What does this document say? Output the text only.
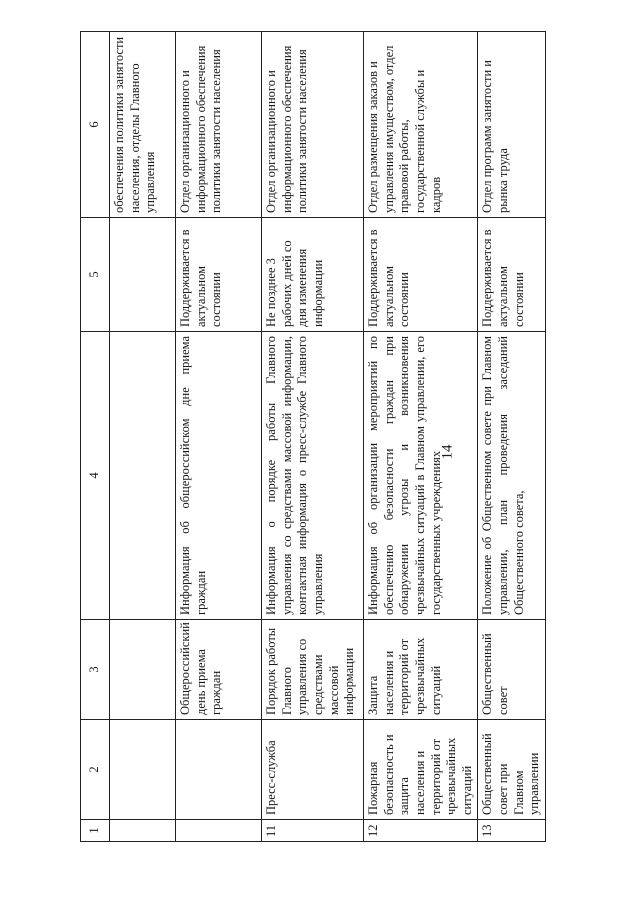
14
1	2	3	4	5	6
					обеспечения политики занятости населения, отделы Главного управления
		Общероссийский день приема граждан	Информация об общероссийском дне приема граждан	Поддерживается в актуальном состоянии	Отдел организационного и информационного обеспечения политики занятости населения
11	Пресс-служба	Порядок работы Главного управления со средствами массовой информации	Информация о порядке работы Главного управления со средствами массовой информации, контактная информация о пресс-службе Главного управления	Не позднее 3 рабочих дней со дня изменения информации	Отдел организационного и информационного обеспечения политики занятости населения
12	Пожарная безопасность и защита населения и территорий от чрезвычайных ситуаций	Защита населения и территорий от чрезвычайных ситуаций	Информация об организации мероприятий по обеспечению безопасности граждан при обнаружении угрозы и возникновения чрезвычайных ситуаций в Главном управлении, его государственных учреждениях	Поддерживается в актуальном состоянии	Отдел размещения заказов и управления имуществом, отдел правовой работы, государственной службы и кадров
13	Общественный совет при Главном управлении	Общественный совет	Положение об Общественном совете при Главном управлении, план проведения заседаний Общественного совета,	Поддерживается в актуальном состоянии	Отдел программ занятости и рынка труда
